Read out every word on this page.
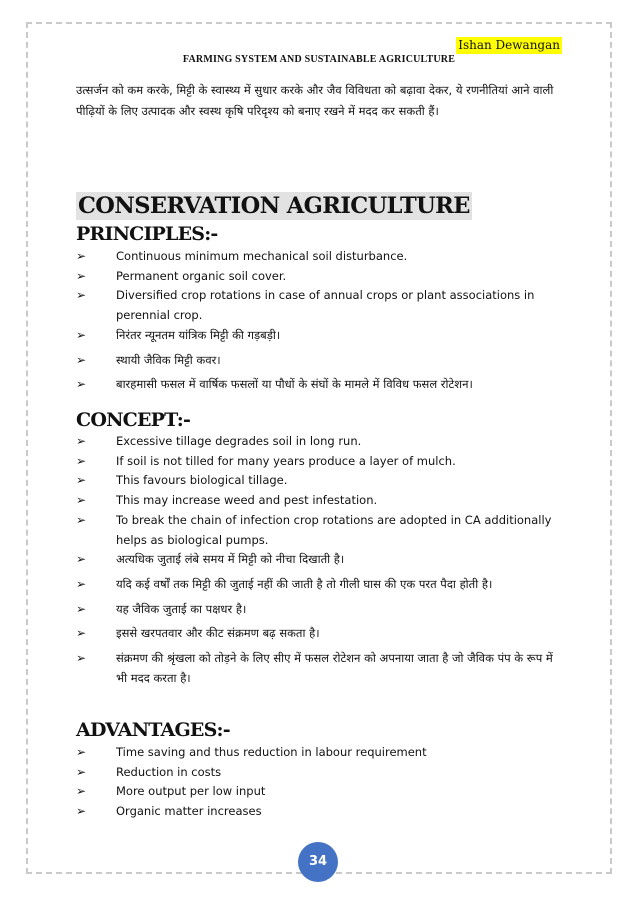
Ishan Dewangan
FARMING SYSTEM AND SUSTAINABLE AGRICULTURE

उत्सर्जन को कम करके, मिट्टी के स्वास्थ्य में सुधार करके और जैव विविधता को बढ़ावा देकर, ये रणनीतियां आने वाली पीढ़ियों के लिए उत्पादक और स्वस्थ कृषि परिदृश्य को बनाए रखने में मदद कर सकती हैं।

CONSERVATION AGRICULTURE
PRINCIPLES:-
➢	Continuous minimum mechanical soil disturbance.
➢	Permanent organic soil cover.
➢	Diversified crop rotations in case of annual crops or plant associations in perennial crop.
➢	निरंतर न्यूनतम यांत्रिक मिट्टी की गड़बड़ी।
➢	स्थायी जैविक मिट्टी कवर।
➢	बारहमासी फसल में वार्षिक फसलों या पौधों के संघों के मामले में विविध फसल रोटेशन।
CONCEPT:-
➢	Excessive tillage degrades soil in long run.
➢	If soil is not tilled for many years produce a layer of mulch.
➢	This favours biological tillage.
➢	This may increase weed and pest infestation.
➢	To break the chain of infection crop rotations are adopted in CA additionally helps as biological pumps.
➢	अत्यधिक जुताई लंबे समय में मिट्टी को नीचा दिखाती है।
➢	यदि कई वर्षों तक मिट्टी की जुताई नहीं की जाती है तो गीली घास की एक परत पैदा होती है।
➢	यह जैविक जुताई का पक्षधर है।
➢	इससे खरपतवार और कीट संक्रमण बढ़ सकता है।
➢	संक्रमण की श्रृंखला को तोड़ने के लिए सीए में फसल रोटेशन को अपनाया जाता है जो जैविक पंप के रूप में भी मदद करता है।
ADVANTAGES:-
➢	Time saving and thus reduction in labour requirement
➢	Reduction in costs
➢	More output per low input
➢	Organic matter increases
34
